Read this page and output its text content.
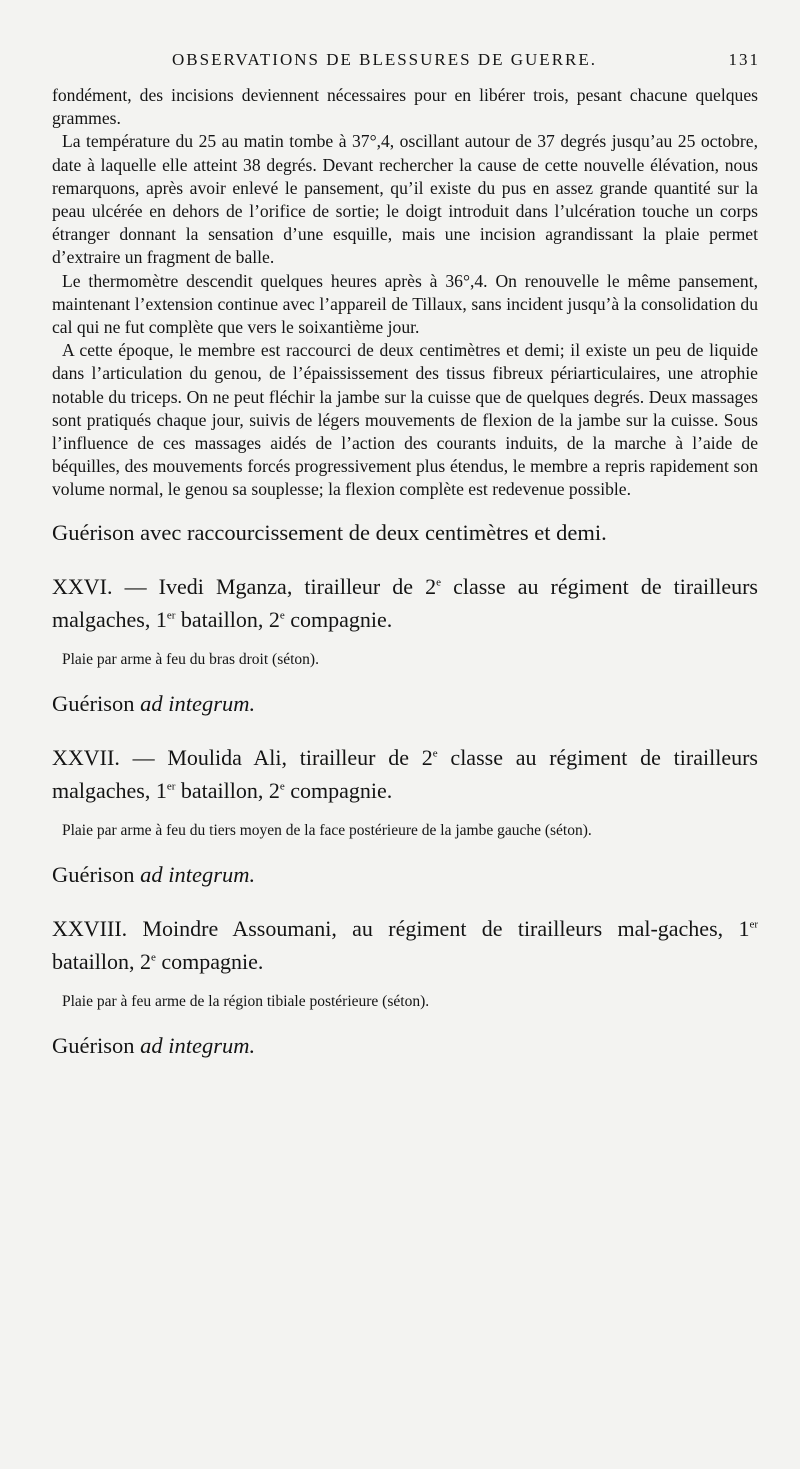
OBSERVATIONS DE BLESSURES DE GUERRE.	131

fondément, des incisions deviennent nécessaires pour en libérer trois, pesant chacune quelques grammes.

La température du 25 au matin tombe à 37°,4, oscillant autour de 37 degrés jusqu’au 25 octobre, date à laquelle elle atteint 38 degrés. Devant rechercher la cause de cette nouvelle élévation, nous remarquons, après avoir enlevé le pansement, qu’il existe du pus en assez grande quantité sur la peau ulcérée en dehors de l’orifice de sortie; le doigt introduit dans l’ulcération touche un corps étranger donnant la sensation d’une esquille, mais une incision agrandissant la plaie permet d’extraire un fragment de balle.

Le thermomètre descendit quelques heures après à 36°,4. On renouvelle le même pansement, maintenant l’extension continue avec l’appareil de Tillaux, sans incident jusqu’à la consolidation du cal qui ne fut complète que vers le soixantième jour.

A cette époque, le membre est raccourci de deux centimètres et demi; il existe un peu de liquide dans l’articulation du genou, de l’épaississement des tissus fibreux périarticulaires, une atrophie notable du triceps. On ne peut fléchir la jambe sur la cuisse que de quelques degrés. Deux massages sont pratiqués chaque jour, suivis de légers mouvements de flexion de la jambe sur la cuisse. Sous l’influence de ces massages aidés de l’action des courants induits, de la marche à l’aide de béquilles, des mouvements forcés progressivement plus étendus, le membre a repris rapidement son volume normal, le genou sa souplesse; la flexion complète est redevenue possible.

Guérison avec raccourcissement de deux centimètres et demi.

XXVI. — Ivedi Mganza, tirailleur de 2e classe au régiment de tirailleurs malgaches, 1er bataillon, 2e compagnie.

Plaie par arme à feu du bras droit (séton).

Guérison ad integrum.

XXVII. — Moulida Ali, tirailleur de 2e classe au régiment de tirailleurs malgaches, 1er bataillon, 2e compagnie.

Plaie par arme à feu du tiers moyen de la face postérieure de la jambe gauche (séton).

Guérison ad integrum.

XXVIII. Moindre Assoumani, au régiment de tirailleurs mal-gaches, 1er bataillon, 2e compagnie.

Plaie par à feu arme de la région tibiale postérieure (séton).

Guérison ad integrum.
